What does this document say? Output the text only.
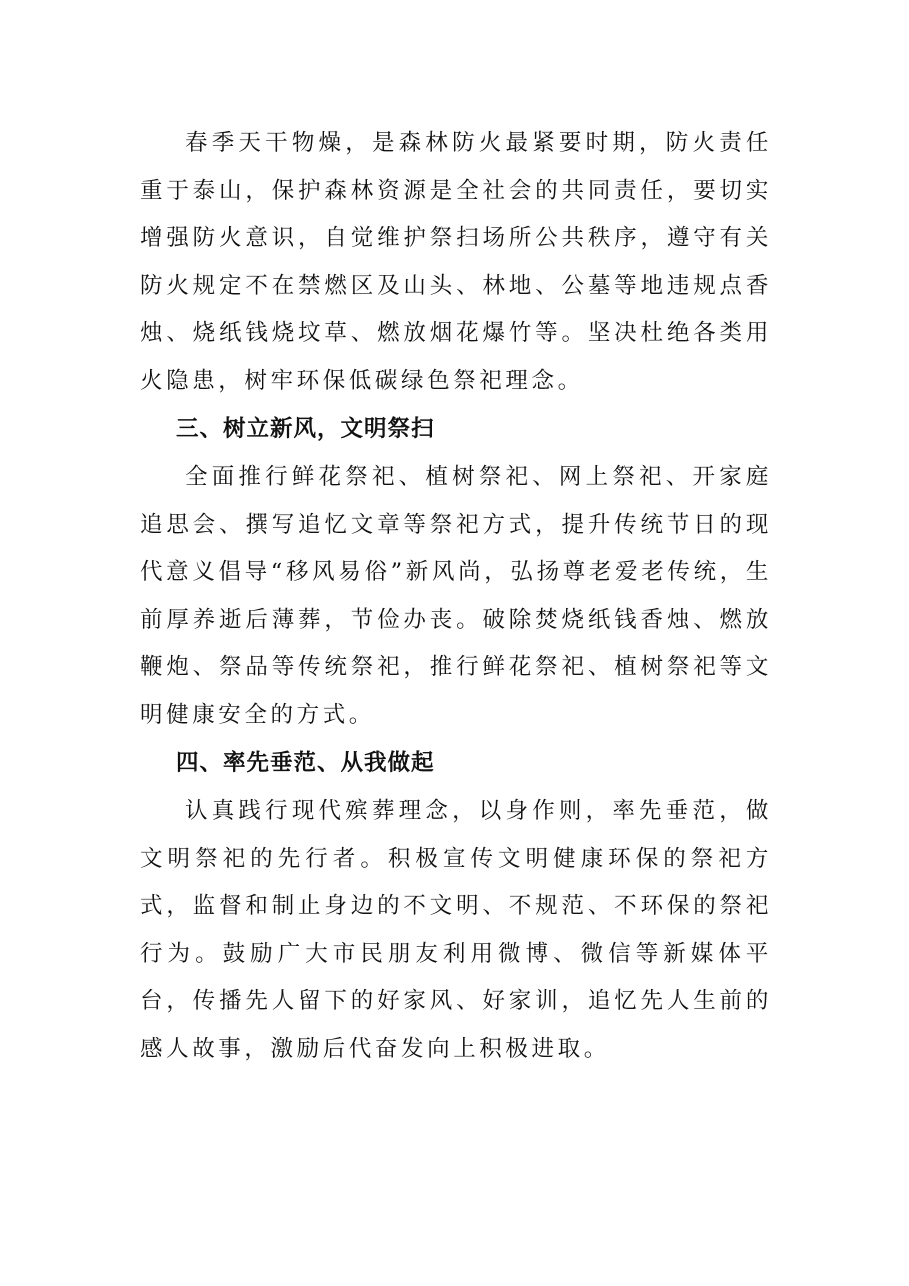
春季天干物燥，是森林防火最紧要时期，防火责任重于泰山，保护森林资源是全社会的共同责任，要切实增强防火意识，自觉维护祭扫场所公共秩序，遵守有关防火规定不在禁燃区及山头、林地、公墓等地违规点香烛、烧纸钱烧坟草、燃放烟花爆竹等。坚决杜绝各类用火隐患，树牢环保低碳绿色祭祀理念。

三、树立新风，文明祭扫

全面推行鲜花祭祀、植树祭祀、网上祭祀、开家庭追思会、撰写追忆文章等祭祀方式，提升传统节日的现代意义倡导“移风易俗”新风尚，弘扬尊老爱老传统，生前厚养逝后薄葬，节俭办丧。破除焚烧纸钱香烛、燃放鞭炮、祭品等传统祭祀，推行鲜花祭祀、植树祭祀等文明健康安全的方式。

四、率先垂范、从我做起

认真践行现代殡葬理念，以身作则，率先垂范，做文明祭祀的先行者。积极宣传文明健康环保的祭祀方式，监督和制止身边的不文明、不规范、不环保的祭祀行为。鼓励广大市民朋友利用微博、微信等新媒体平台，传播先人留下的好家风、好家训，追忆先人生前的感人故事，激励后代奋发向上积极进取。
